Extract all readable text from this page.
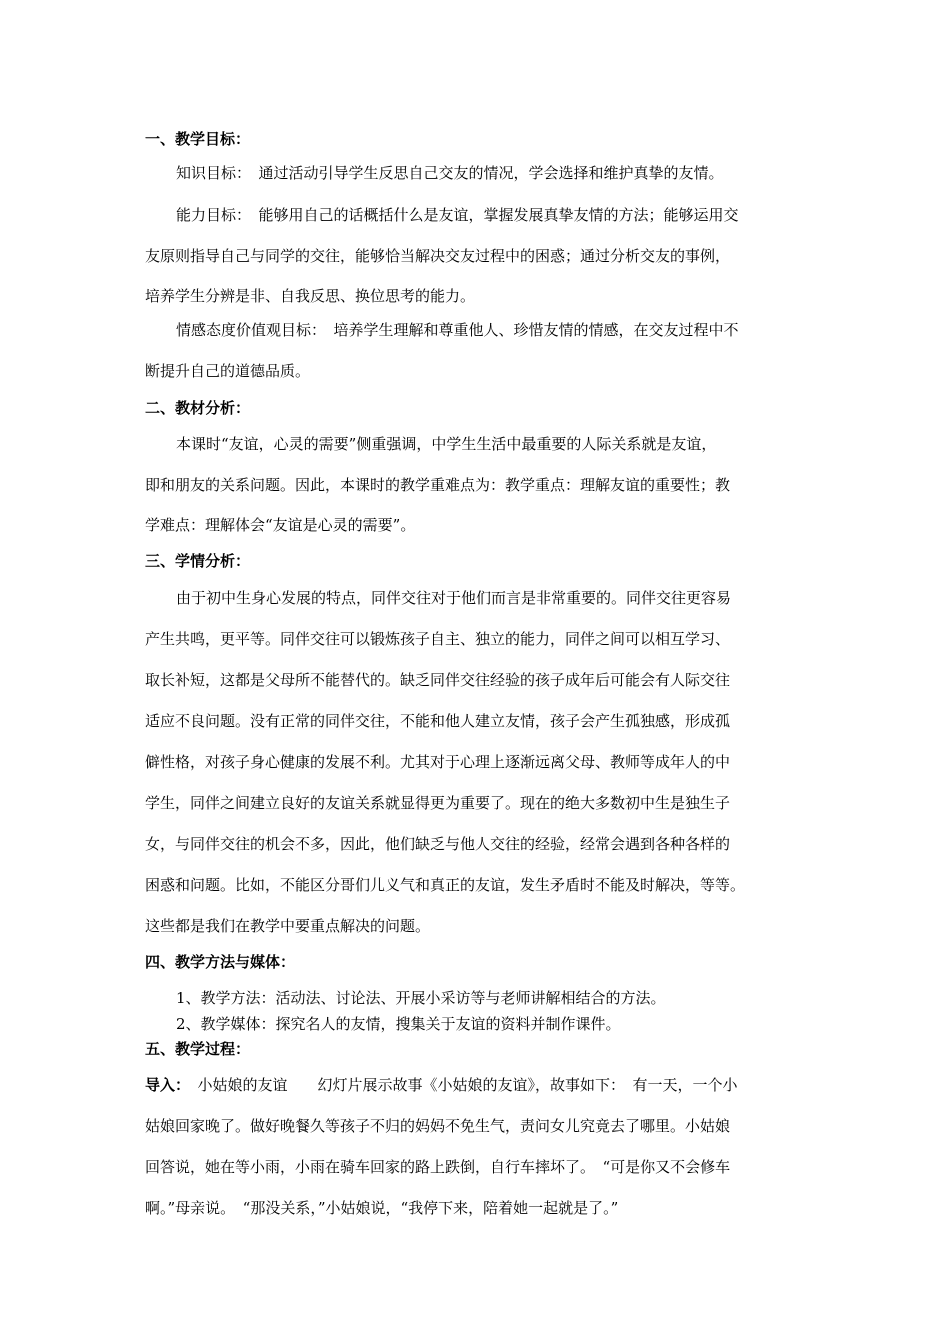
一、教学目标：
知识目标：　通过活动引导学生反思自己交友的情况，学会选择和维护真挚的友情。
能力目标：　能够用自己的话概括什么是友谊，掌握发展真挚友情的方法；能够运用交
友原则指导自己与同学的交往，能够恰当解决交友过程中的困惑；通过分析交友的事例，
培养学生分辨是非、自我反思、换位思考的能力。
情感态度价值观目标：　培养学生理解和尊重他人、珍惜友情的情感，在交友过程中不
断提升自己的道德品质。
二、教材分析：
本课时“友谊，心灵的需要”侧重强调，中学生生活中最重要的人际关系就是友谊，
即和朋友的关系问题。因此，本课时的教学重难点为：教学重点：理解友谊的重要性；教
学难点：理解体会“友谊是心灵的需要”。
三、学情分析：
由于初中生身心发展的特点，同伴交往对于他们而言是非常重要的。同伴交往更容易
产生共鸣，更平等。同伴交往可以锻炼孩子自主、独立的能力，同伴之间可以相互学习、
取长补短，这都是父母所不能替代的。缺乏同伴交往经验的孩子成年后可能会有人际交往
适应不良问题。没有正常的同伴交往，不能和他人建立友情，孩子会产生孤独感，形成孤
僻性格，对孩子身心健康的发展不利。尤其对于心理上逐渐远离父母、教师等成年人的中
学生，同伴之间建立良好的友谊关系就显得更为重要了。现在的绝大多数初中生是独生子
女，与同伴交往的机会不多，因此，他们缺乏与他人交往的经验，经常会遇到各种各样的
困惑和问题。比如，不能区分哥们儿义气和真正的友谊，发生矛盾时不能及时解决，等等。
这些都是我们在教学中要重点解决的问题。
四、教学方法与媒体：
1、教学方法：活动法、讨论法、开展小采访等与老师讲解相结合的方法。
2、教学媒体：探究名人的友情，搜集关于友谊的资料并制作课件。
五、教学过程：
导入：　小姑娘的友谊　　幻灯片展示故事《小姑娘的友谊》，故事如下：　有一天，一个小
姑娘回家晚了。做好晚餐久等孩子不归的妈妈不免生气，责问女儿究竟去了哪里。小姑娘
回答说，她在等小雨，小雨在骑车回家的路上跌倒，自行车摔坏了。　“可是你又不会修车
啊。”母亲说。　“那没关系，”小姑娘说，“我停下来，陪着她一起就是了。”
